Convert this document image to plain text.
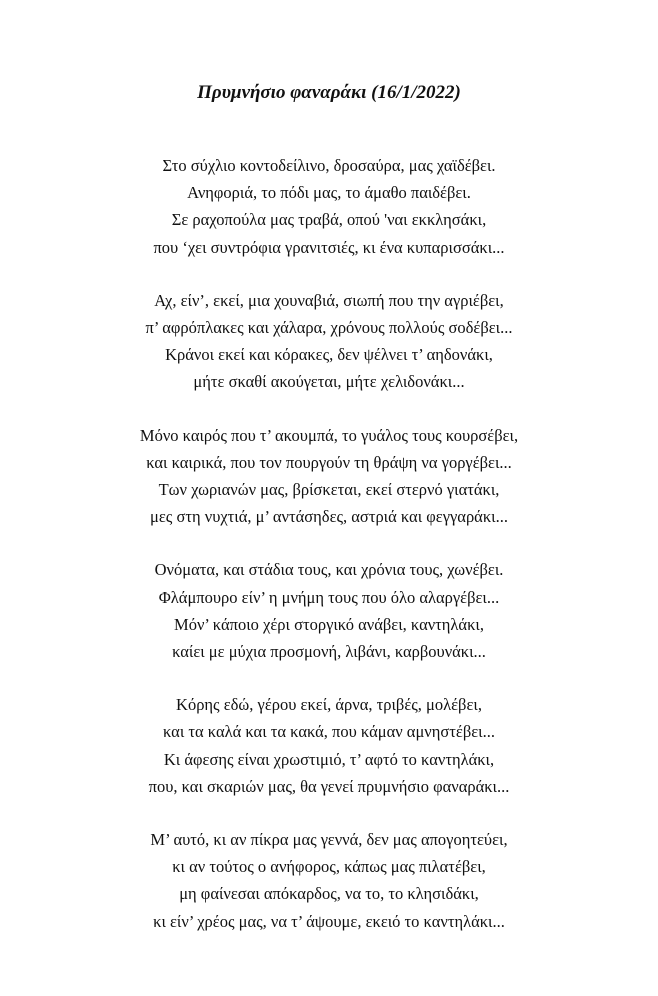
Πρυμνήσιο φαναράκι (16/1/2022)
Στο σύχλιο κοντοδείλινο, δροσαύρα, μας χαϊδέβει.
Ανηφοριά, το πόδι μας, το άμαθο παιδέβει.
Σε ραχοπούλα μας τραβά, οπού 'ναι εκκλησάκι,
που ‘χει συντρόφια γρανιτσιές, κι ένα κυπαρισσάκι...
Αχ, είν’, εκεί, μια χουναβιά, σιωπή που την αγριέβει,
π’ αφρόπλακες και χάλαρα, χρόνους πολλούς σοδέβει...
Κράνοι εκεί και κόρακες, δεν ψέλνει τ’ αηδονάκι,
μήτε σκαθί ακούγεται, μήτε χελιδονάκι...
Μόνο καιρός που τ’ ακουμπά, το γυάλος τους κουρσέβει,
και καιρικά, που τον πουργούν τη θράψη να γοργέβει...
Των χωριανών μας, βρίσκεται, εκεί στερνό γιατάκι,
μες στη νυχτιά, μ’ αντάσηδες, αστριά και φεγγαράκι...
Ονόματα, και στάδια τους, και χρόνια τους, χωνέβει.
Φλάμπουρο είν’ η μνήμη τους που όλο αλαργέβει...
Μόν’ κάποιο χέρι στοργικό ανάβει, καντηλάκι,
καίει με μύχια προσμονή, λιβάνι, καρβουνάκι...
Κόρης εδώ, γέρου εκεί, άρνα, τριβές, μολέβει,
και τα καλά και τα κακά, που κάμαν αμνηστέβει...
Κι άφεσης είναι χρωστιμιό, τ’ αφτό το καντηλάκι,
που, και σκαριών μας, θα γενεί πρυμνήσιο φαναράκι...
Μ’ αυτό, κι αν πίκρα μας γεννά, δεν μας απογοητεύει,
κι αν τούτος ο ανήφορος, κάπως μας πιλατέβει,
μη φαίνεσαι απόκαρδος, να το, το κλησιδάκι,
κι είν’ χρέος μας, να τ’ άψουμε, εκειό το καντηλάκι...
